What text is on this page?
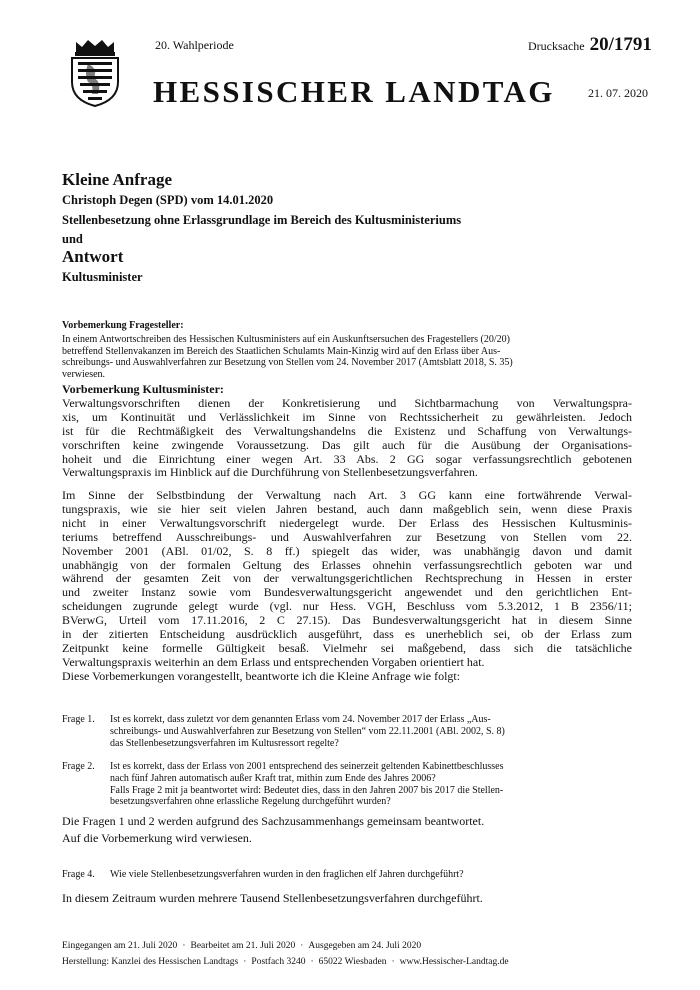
20. Wahlperiode
HESSISCHER LANDTAG
Drucksache 20/1791
21. 07. 2020
Kleine Anfrage
Christoph Degen (SPD) vom 14.01.2020
Stellenbesetzung ohne Erlassgrundlage im Bereich des Kultusministeriums
und
Antwort
Kultusminister
Vorbemerkung Fragesteller:
In einem Antwortschreiben des Hessischen Kultusministers auf ein Auskunftsersuchen des Fragestellers (20/20)
betreffend Stellenvakanzen im Bereich des Staatlichen Schulamts Main-Kinzig wird auf den Erlass über Aus-
schreibungs- und Auswahlverfahren zur Besetzung von Stellen vom 24. November 2017 (Amtsblatt 2018, S. 35)
verwiesen.
Vorbemerkung Kultusminister:
Verwaltungsvorschriften dienen der Konkretisierung und Sichtbarmachung von Verwaltungspra-
xis, um Kontinuität und Verlässlichkeit im Sinne von Rechtssicherheit zu gewährleisten. Jedoch
ist für die Rechtmäßigkeit des Verwaltungshandelns die Existenz und Schaffung von Verwaltungs-
vorschriften keine zwingende Voraussetzung. Das gilt auch für die Ausübung der Organisations-
hoheit und die Einrichtung einer wegen Art. 33 Abs. 2 GG sogar verfassungsrechtlich gebotenen
Verwaltungspraxis im Hinblick auf die Durchführung von Stellenbesetzungsverfahren.
Im Sinne der Selbstbindung der Verwaltung nach Art. 3 GG kann eine fortwährende Verwal-
tungspraxis, wie sie hier seit vielen Jahren bestand, auch dann maßgeblich sein, wenn diese Praxis
nicht in einer Verwaltungsvorschrift niedergelegt wurde. Der Erlass des Hessischen Kultusminis-
teriums betreffend Ausschreibungs- und Auswahlverfahren zur Besetzung von Stellen vom 22.
November 2001 (ABl. 01/02, S. 8 ff.) spiegelt das wider, was unabhängig davon und damit
unabhängig von der formalen Geltung des Erlasses ohnehin verfassungsrechtlich geboten war und
während der gesamten Zeit von der verwaltungsgerichtlichen Rechtsprechung in Hessen in erster
und zweiter Instanz sowie vom Bundesverwaltungsgericht angewendet und den gerichtlichen Ent-
scheidungen zugrunde gelegt wurde (vgl. nur Hess. VGH, Beschluss vom 5.3.2012, 1 B 2356/11;
BVerwG, Urteil vom 17.11.2016, 2 C 27.15). Das Bundesverwaltungsgericht hat in diesem Sinne
in der zitierten Entscheidung ausdrücklich ausgeführt, dass es unerheblich sei, ob der Erlass zum
Zeitpunkt keine formelle Gültigkeit besaß. Vielmehr sei maßgebend, dass sich die tatsächliche
Verwaltungspraxis weiterhin an dem Erlass und entsprechenden Vorgaben orientiert hat.
Diese Vorbemerkungen vorangestellt, beantworte ich die Kleine Anfrage wie folgt:
Frage 1. Ist es korrekt, dass zuletzt vor dem genannten Erlass vom 24. November 2017 der Erlass „Aus-
schreibungs- und Auswahlverfahren zur Besetzung von Stellen“ vom 22.11.2001 (ABl. 2002, S. 8)
das Stellenbesetzungsverfahren im Kultusressort regelte?
Frage 2. Ist es korrekt, dass der Erlass von 2001 entsprechend des seinerzeit geltenden Kabinettbeschlusses
nach fünf Jahren automatisch außer Kraft trat, mithin zum Ende des Jahres 2006?
Falls Frage 2 mit ja beantwortet wird: Bedeutet dies, dass in den Jahren 2007 bis 2017 die Stellen-
besetzungsverfahren ohne erlassliche Regelung durchgeführt wurden?
Die Fragen 1 und 2 werden aufgrund des Sachzusammenhangs gemeinsam beantwortet.
Auf die Vorbemerkung wird verwiesen.
Frage 4. Wie viele Stellenbesetzungsverfahren wurden in den fraglichen elf Jahren durchgeführt?
In diesem Zeitraum wurden mehrere Tausend Stellenbesetzungsverfahren durchgeführt.
Eingegangen am 21. Juli 2020 · Bearbeitet am 21. Juli 2020 · Ausgegeben am 24. Juli 2020
Herstellung: Kanzlei des Hessischen Landtags · Postfach 3240 · 65022 Wiesbaden · www.Hessischer-Landtag.de
